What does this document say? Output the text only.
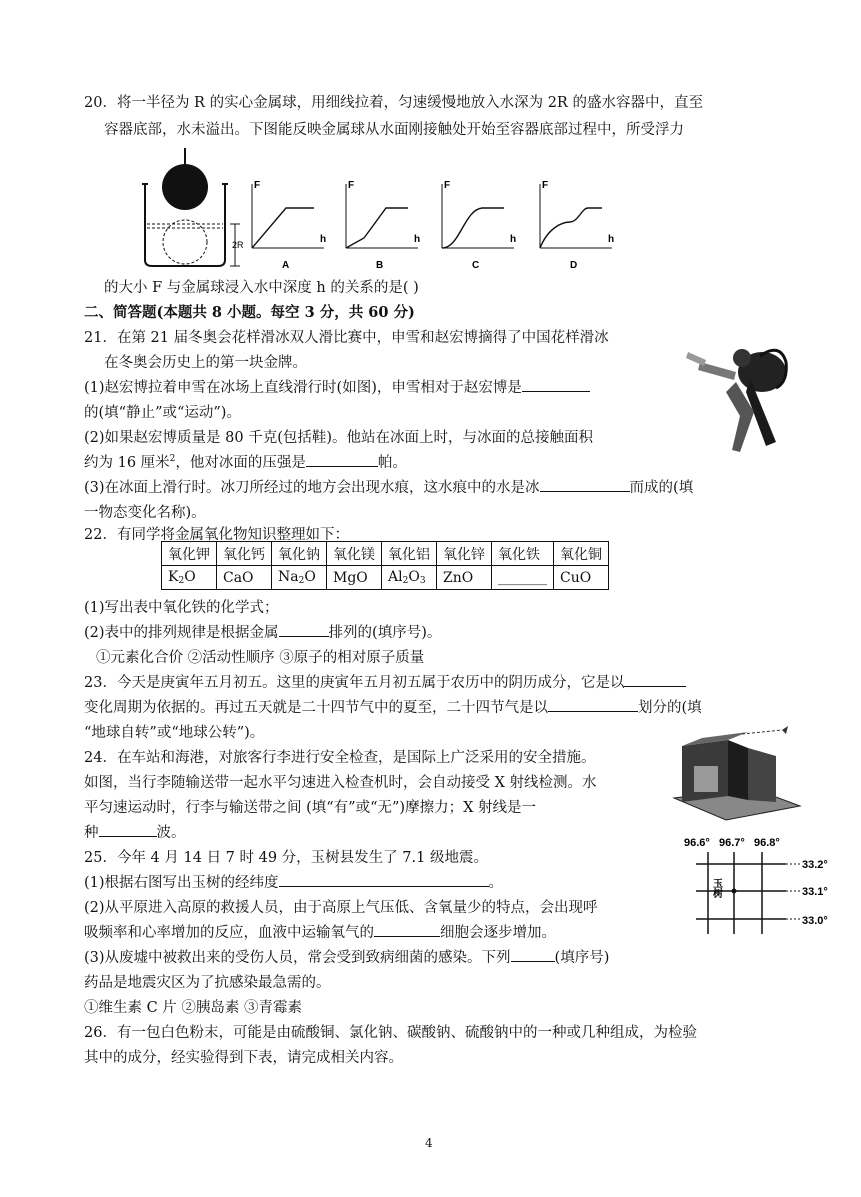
20．将一半径为 R 的实心金属球，用细线拉着，匀速缓慢地放入水深为 2R 的盛水容器中，直至
容器底部，水未溢出。下图能反映金属球从水面刚接触处开始至容器底部过程中，所受浮力
2R
F
h
A
F
h
B
F
h
C
F
h
D
的大小 F 与金属球浸入水中深度 h 的关系的是( )
二、简答题(本题共 8 小题。每空 3 分，共 60 分)
21．在第 21 届冬奥会花样滑冰双人滑比赛中，申雪和赵宏博摘得了中国花样滑冰
在冬奥会历史上的第一块金牌。
(1)赵宏博拉着申雪在冰场上直线滑行时(如图)，申雪相对于赵宏博是
的(填“静止”或“运动”)。
(2)如果赵宏博质量是 80 千克(包括鞋)。他站在冰面上时，与冰面的总接触面积
约为 16 厘米$^2$，他对冰面的压强是	帕。
(3)在冰面上滑行时。冰刀所经过的地方会出现水痕，这水痕中的水是冰	而成的(填
一物态变化名称)。
22．有同学将金属氧化物知识整理如下：
氧化钾	氧化钙	氧化钠	氧化镁	氧化铝	氧化锌	氧化铁	氧化铜
$K_2O$	CaO	$Na_2O$	MgO	$Al_2O_3$	ZnO	_______	CuO
(1)写出表中氧化铁的化学式；
(2)表中的排列规律是根据金属	排列的(填序号)。
①元素化合价 ②活动性顺序 ③原子的相对原子质量
23．今天是庚寅年五月初五。这里的庚寅年五月初五属于农历中的阴历成分，它是以
变化周期为依据的。再过五天就是二十四节气中的夏至，二十四节气是以	划分的(填
“地球自转”或“地球公转”)。
24．在车站和海港，对旅客行李进行安全检查，是国际上广泛采用的安全措施。
如图，当行李随输送带一起水平匀速进入检查机时，会自动接受 X 射线检测。水
平匀速运动时，行李与输送带之间 (填“有”或“无”)摩擦力；X 射线是一
种	波。
25．今年 4 月 14 日 7 时 49 分，玉树县发生了 7.1 级地震。
(1)根据右图写出玉树的经纬度	。
(2)从平原进入高原的救援人员，由于高原上气压低、含氧量少的特点，会出现呼
吸频率和心率增加的反应，血液中运输氧气的	细胞会逐步增加。
(3)从废墟中被救出来的受伤人员，常会受到致病细菌的感染。下列	(填序号)
药品是地震灾区为了抗感染最急需的。
①维生素 C 片 ②胰岛素 ③青霉素
96.6° 96.7° 96.8°
33.2°
33.1°
33.0°
玉树
26．有一包白色粉末，可能是由硫酸铜、氯化钠、碳酸钠、硫酸钠中的一种或几种组成，为检验
其中的成分，经实验得到下表，请完成相关内容。
4
